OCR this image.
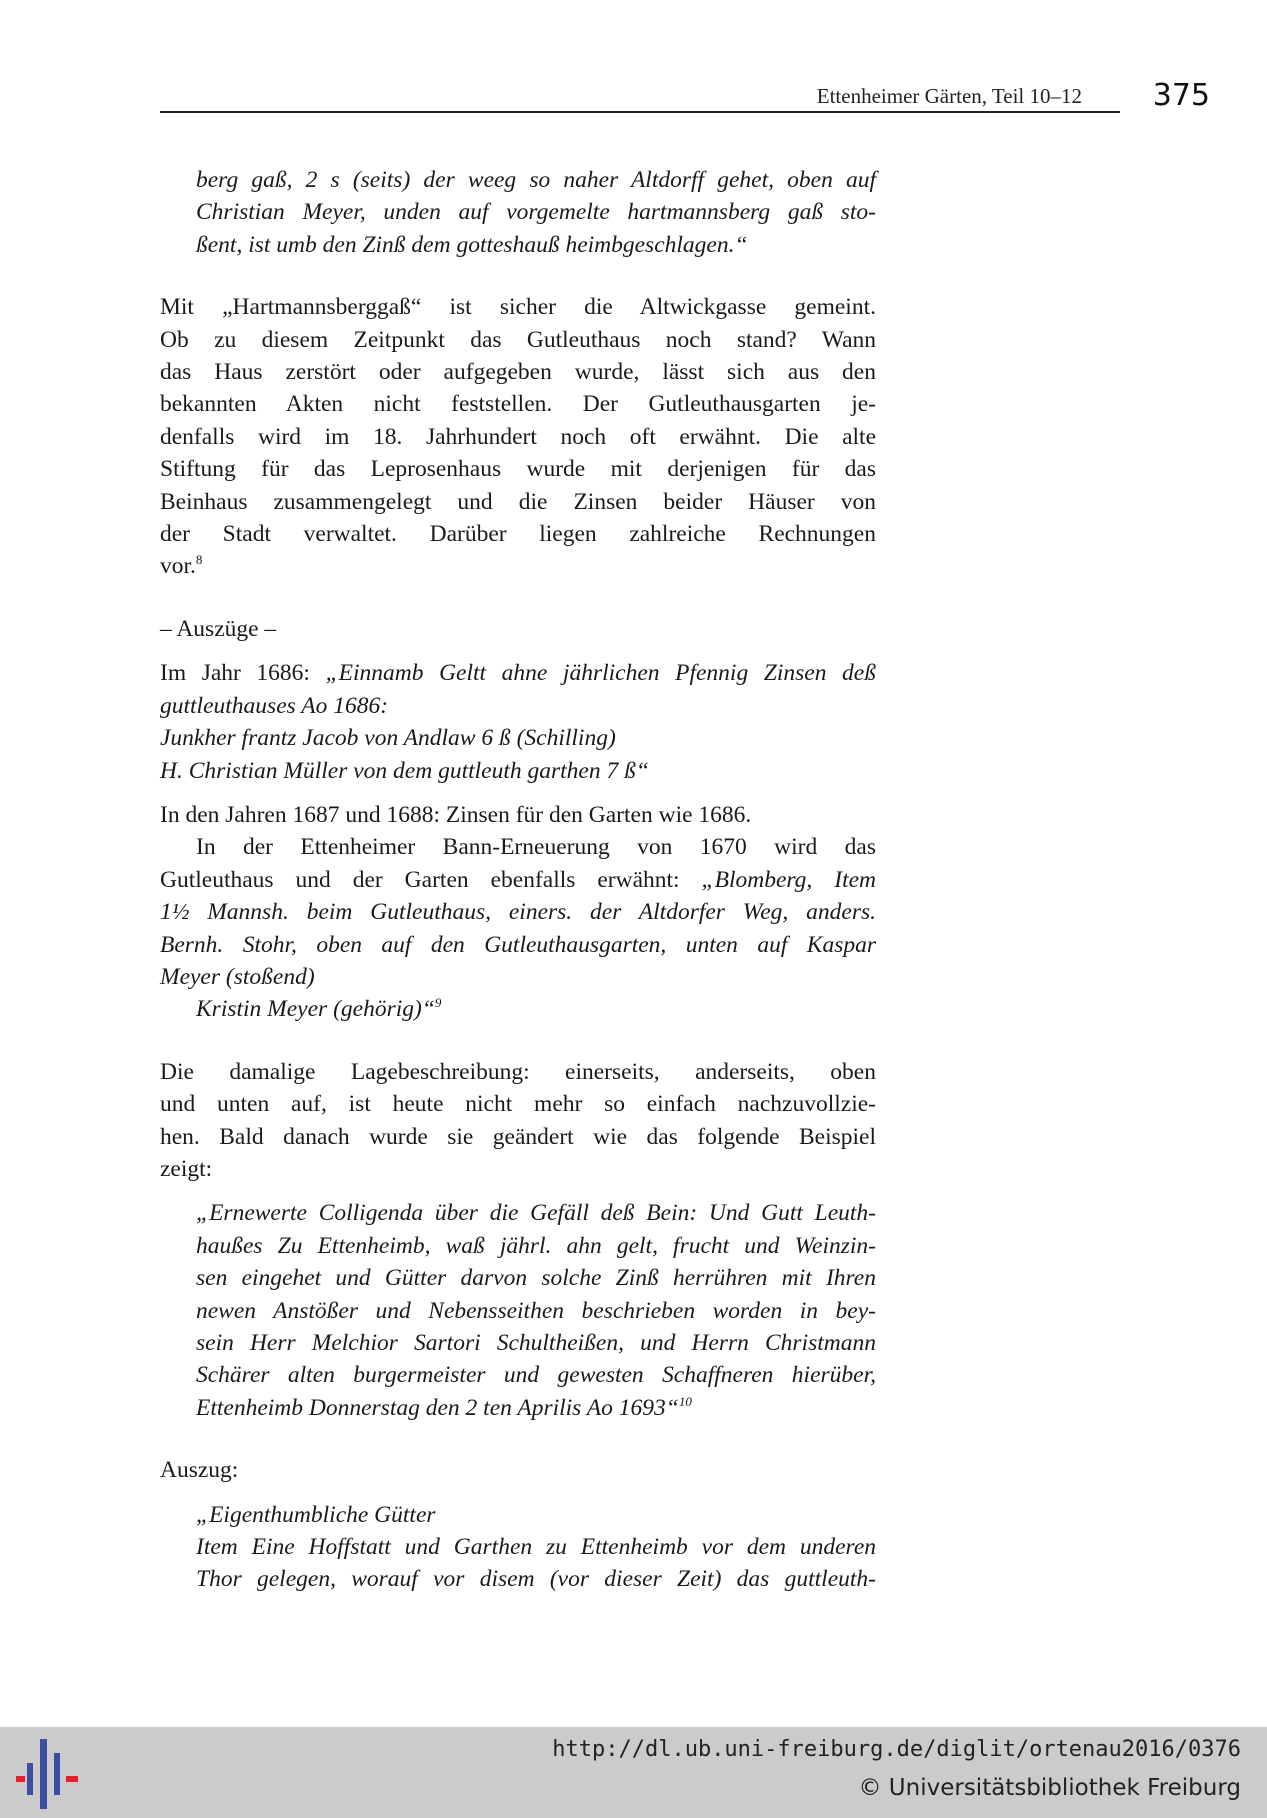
Ettenheimer Gärten, Teil 10–12 375

berg gaß, 2 s (seits) der weeg so naher Altdorff gehet, oben auf
Christian Meyer, unden auf vorgemelte hartmannsberg gaß sto-
ßent, ist umb den Zinß dem gotteshauß heimbgeschlagen.“

Mit „Hartmannsberggaß“ ist sicher die Altwickgasse gemeint.
Ob zu diesem Zeitpunkt das Gutleuthaus noch stand? Wann
das Haus zerstört oder aufgegeben wurde, lässt sich aus den
bekannten Akten nicht feststellen. Der Gutleuthausgarten je-
denfalls wird im 18. Jahrhundert noch oft erwähnt. Die alte
Stiftung für das Leprosenhaus wurde mit derjenigen für das
Beinhaus zusammengelegt und die Zinsen beider Häuser von
der Stadt verwaltet. Darüber liegen zahlreiche Rechnungen
vor.$^8$

– Auszüge –

Im Jahr 1686: „Einnamb Geltt ahne jährlichen Pfennig Zinsen deß
guttleuthauses Ao 1686:
Junkher frantz Jacob von Andlaw 6 ß (Schilling)
H. Christian Müller von dem guttleuth garthen 7 ß“

In den Jahren 1687 und 1688: Zinsen für den Garten wie 1686.

In der Ettenheimer Bann-Erneuerung von 1670 wird das
Gutleuthaus und der Garten ebenfalls erwähnt: „Blomberg, Item
1½ Mannsh. beim Gutleuthaus, einers. der Altdorfer Weg, anders.
Bernh. Stohr, oben auf den Gutleuthausgarten, unten auf Kaspar
Meyer (stoßend)
Kristin Meyer (gehörig)“$^9$

Die damalige Lagebeschreibung: einerseits, anderseits, oben
und unten auf, ist heute nicht mehr so einfach nachzuvollzie-
hen. Bald danach wurde sie geändert wie das folgende Beispiel
zeigt:

„Ernewerte Colligenda über die Gefäll deß Bein: Und Gutt Leuth-
haußes Zu Ettenheimb, waß jährl. ahn gelt, frucht und Weinzin-
sen eingehet und Gütter darvon solche Zinß herrühren mit Ihren
newen Anstößer und Nebensseithen beschrieben worden in bey-
sein Herr Melchior Sartori Schultheißen, und Herrn Christmann
Schärer alten burgermeister und gewesten Schaffneren hierüber,
Ettenheimb Donnerstag den 2 ten Aprilis Ao 1693“$^{10}$

Auszug:

„Eigenthumbliche Gütter
Item Eine Hoffstatt und Garthen zu Ettenheimb vor dem underen
Thor gelegen, worauf vor disem (vor dieser Zeit) das guttleuth-

http://dl.ub.uni-freiburg.de/diglit/ortenau2016/0376
© Universitätsbibliothek Freiburg
